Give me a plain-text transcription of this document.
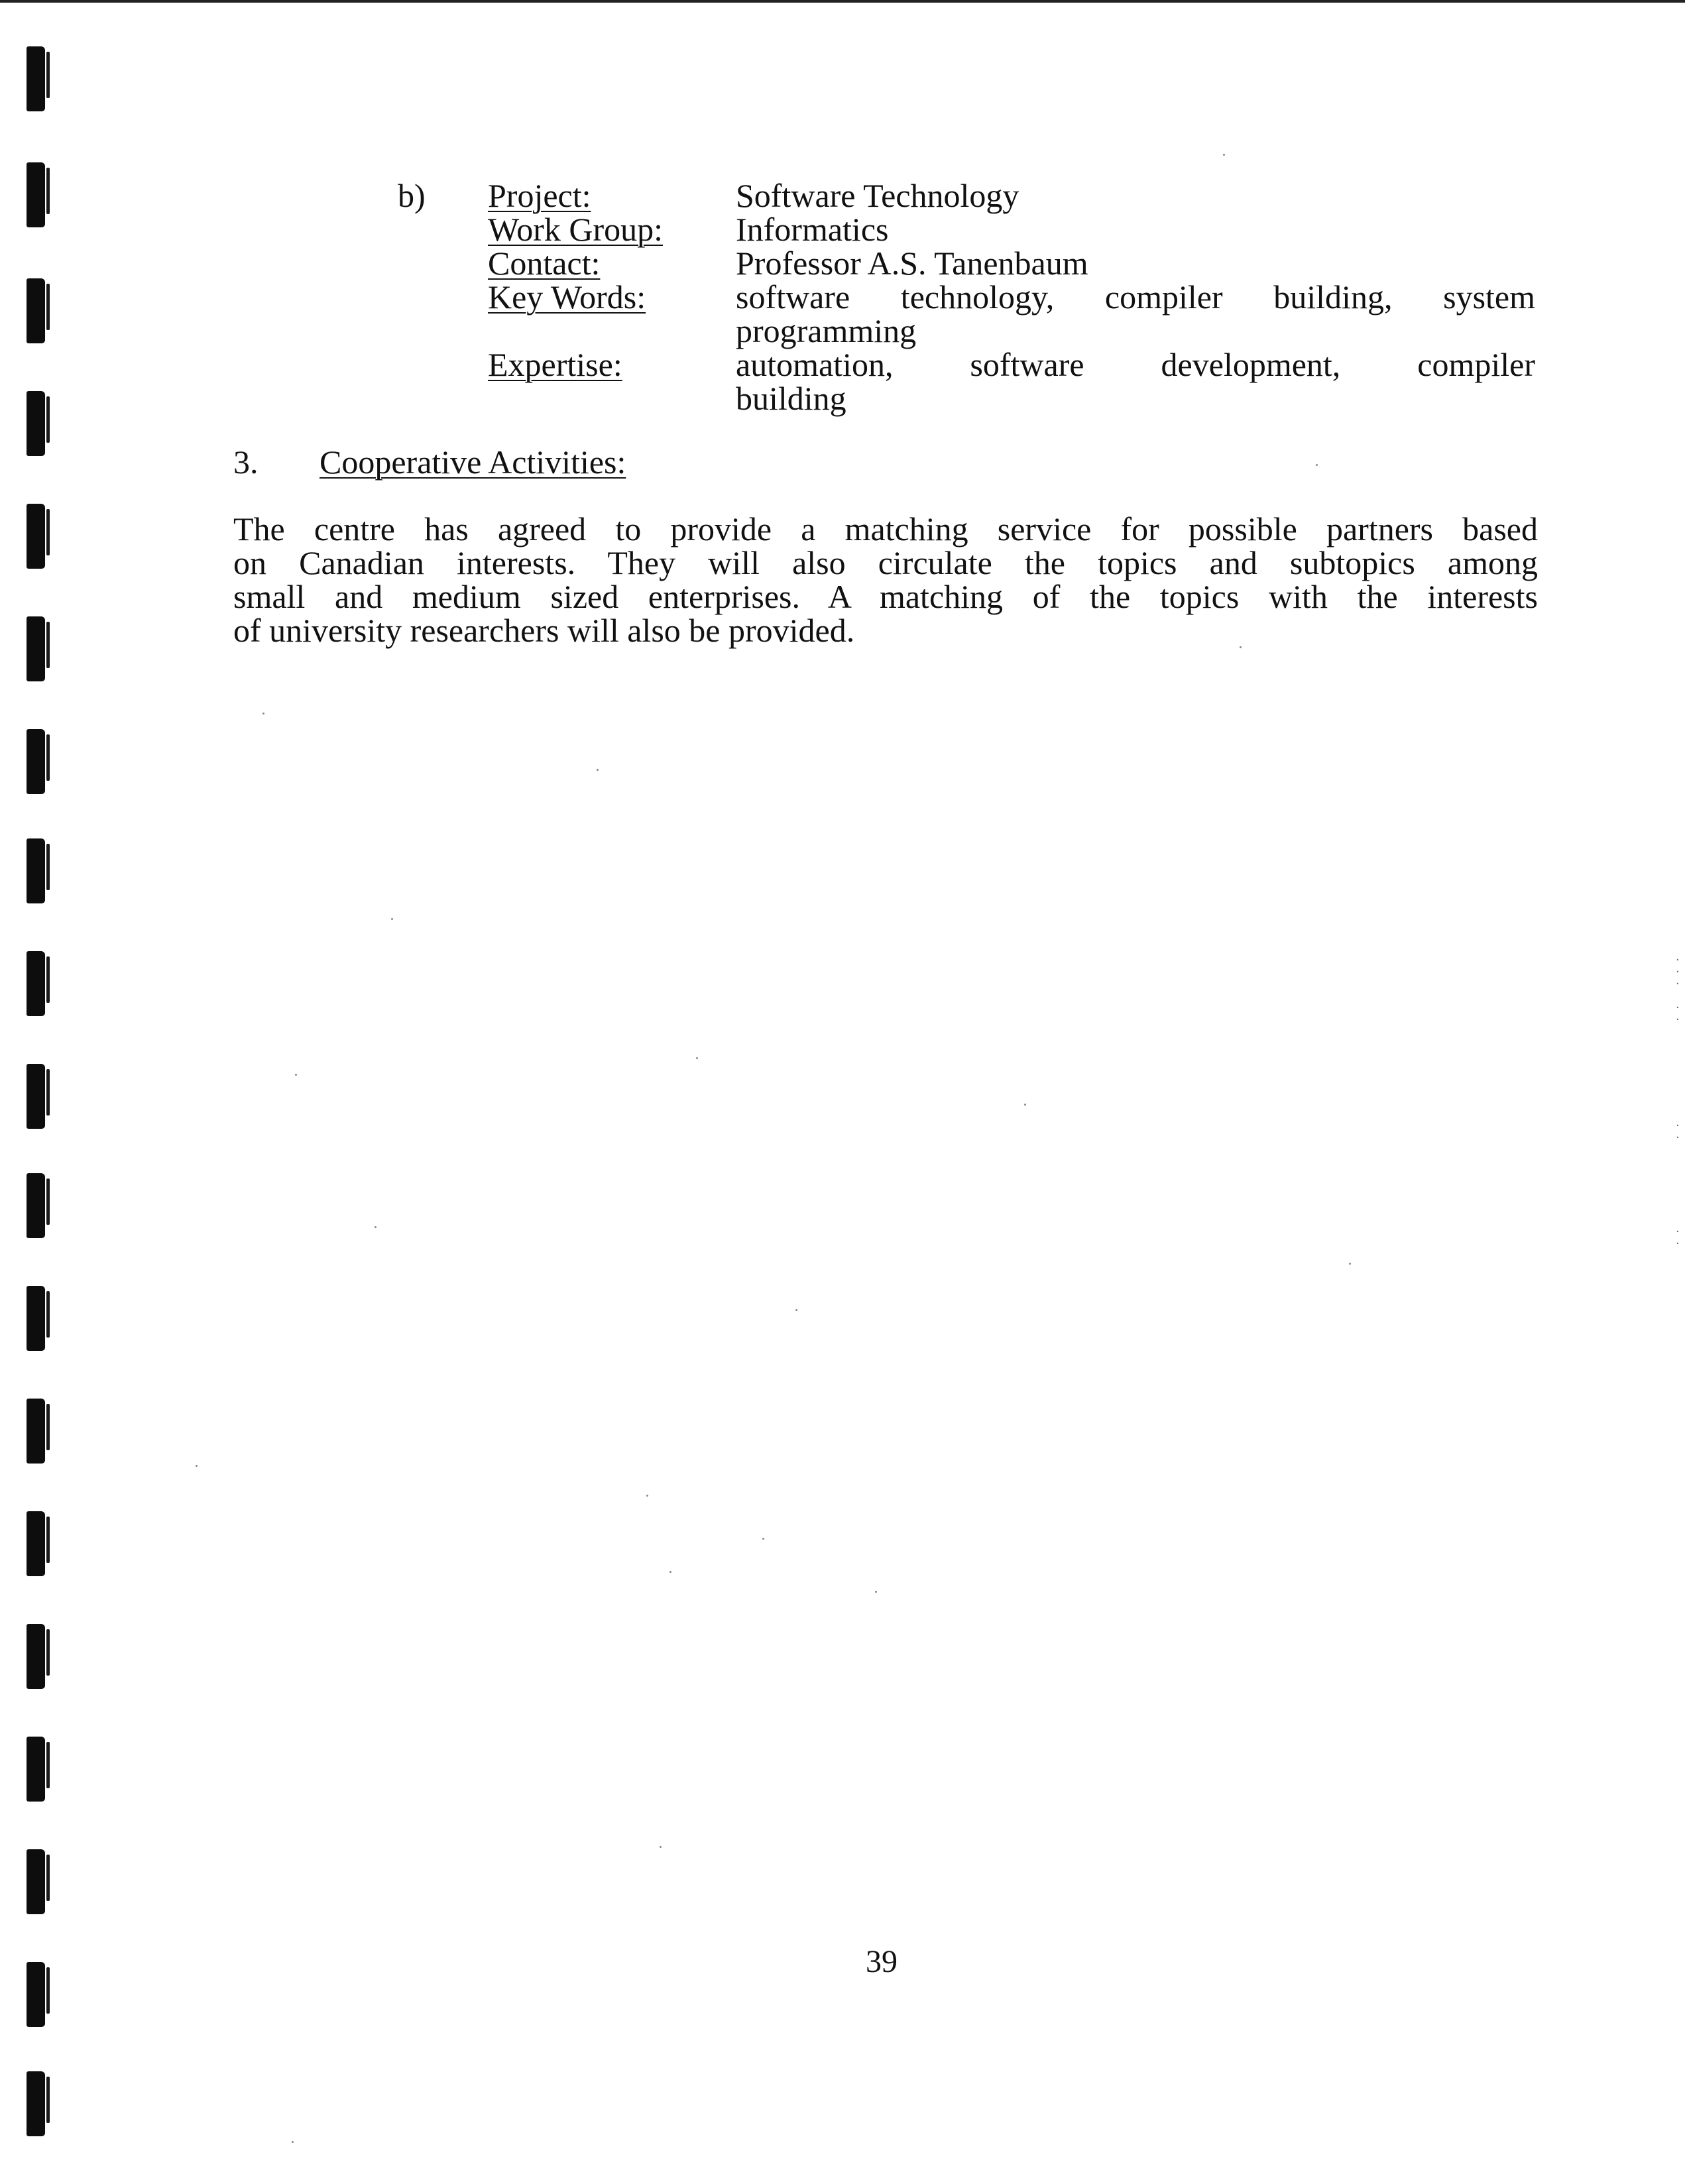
b)	Project:	Software Technology
Work Group:	Informatics
Contact:	Professor A.S. Tanenbaum
Key Words:	software technology, compiler building, system
programming
Expertise:	automation, software development, compiler
building
3. Cooperative Activities:
The centre has agreed to provide a matching service for possible partners based
on Canadian interests. They will also circulate the topics and subtopics among
small and medium sized enterprises. A matching of the topics with the interests
of university researchers will also be provided.
39
·
·
·

·
·
·
·
·
·
